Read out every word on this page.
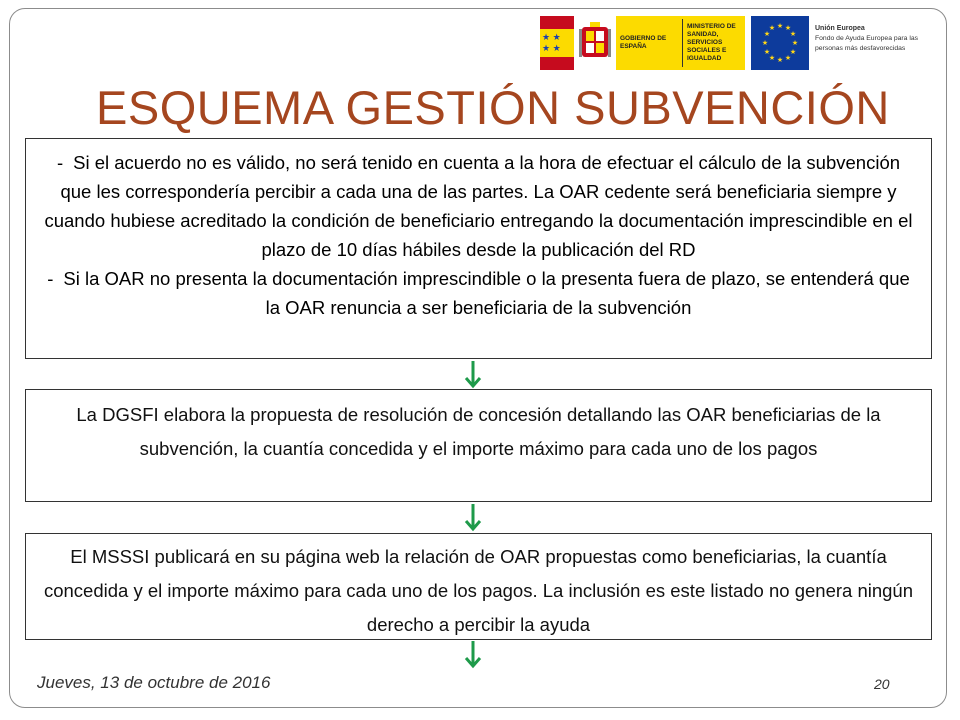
★ ★
★ ★
GOBIERNO DE ESPAÑA
MINISTERIO DE SANIDAD, SERVICIOS SOCIALES E IGUALDAD
★ ★
★
★
★
★
★
★
★
★
★
★	Unión Europea
Fondo de Ayuda Europea para las personas más desfavorecidas
ESQUEMA GESTIÓN SUBVENCIÓN
- Si el acuerdo no es válido, no será tenido en cuenta a la hora de efectuar el cálculo de la subvención que les correspondería percibir a cada una de las partes. La OAR cedente será beneficiaria siempre y cuando hubiese acreditado la condición de beneficiario entregando la documentación imprescindible en el plazo de 10 días hábiles desde la publicación del RD
- Si la OAR no presenta la documentación imprescindible o la presenta fuera de plazo, se entenderá que la OAR renuncia a ser beneficiaria de la subvención

La DGSFI elabora la propuesta de resolución de concesión detallando las OAR beneficiarias de la subvención, la cuantía concedida y el importe máximo para cada uno de los pagos

El MSSSI publicará en su página web la relación de OAR propuestas como beneficiarias, la cuantía concedida y el importe máximo para cada uno de los pagos. La inclusión es este listado no genera ningún derecho a percibir la ayuda

Jueves, 13 de octubre de 2016	20
